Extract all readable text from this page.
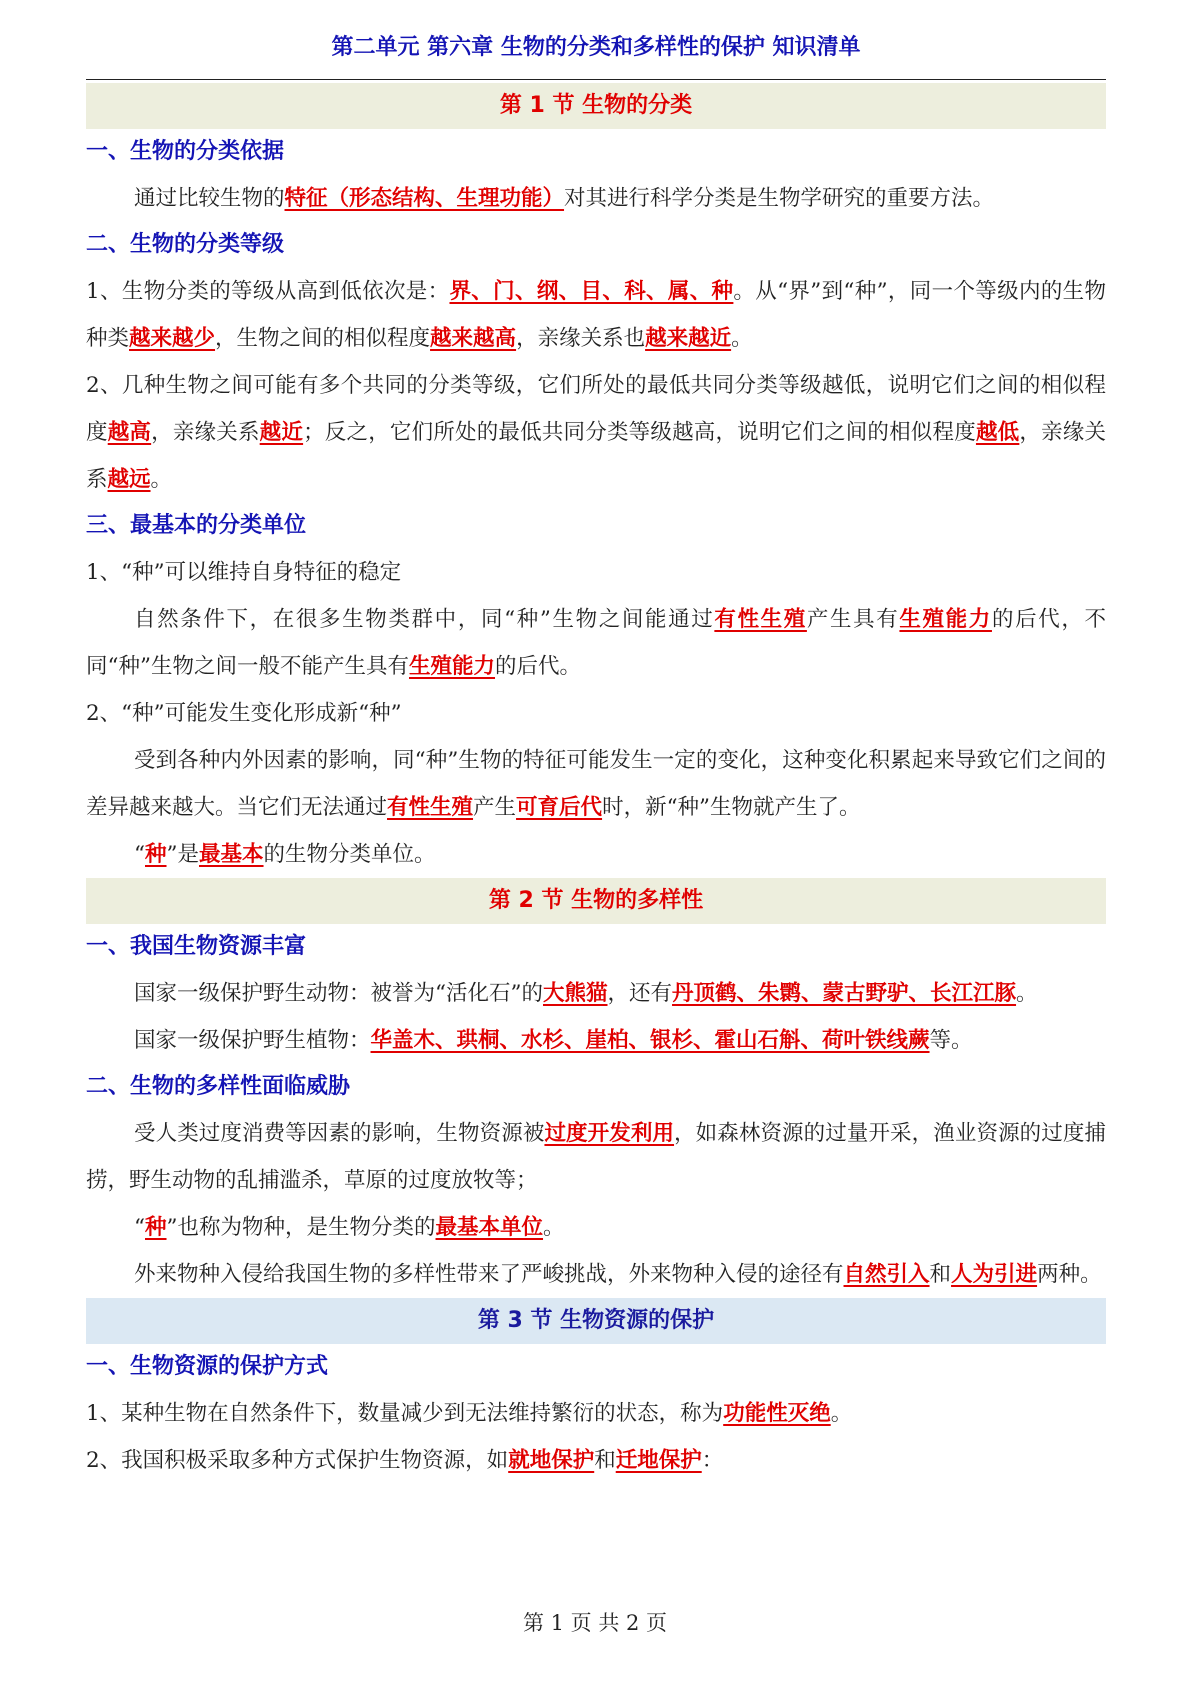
第二单元 第六章 生物的分类和多样性的保护 知识清单
第 1 节 生物的分类
一、生物的分类依据

通过比较生物的特征（形态结构、生理功能）对其进行科学分类是生物学研究的重要方法。

二、生物的分类等级

1、生物分类的等级从高到低依次是：界、门、纲、目、科、属、种。从“界”到“种”，同一个等级内的生物种类越来越少，生物之间的相似程度越来越高，亲缘关系也越来越近。

2、几种生物之间可能有多个共同的分类等级，它们所处的最低共同分类等级越低，说明它们之间的相似程度越高，亲缘关系越近；反之，它们所处的最低共同分类等级越高，说明它们之间的相似程度越低，亲缘关系越远。

三、最基本的分类单位

1、“种”可以维持自身特征的稳定

自然条件下，在很多生物类群中，同“种”生物之间能通过有性生殖产生具有生殖能力的后代，不同“种”生物之间一般不能产生具有生殖能力的后代。

2、“种”可能发生变化形成新“种”

受到各种内外因素的影响，同“种”生物的特征可能发生一定的变化，这种变化积累起来导致它们之间的差异越来越大。当它们无法通过有性生殖产生可育后代时，新“种”生物就产生了。

“种”是最基本的生物分类单位。

第 2 节 生物的多样性
一、我国生物资源丰富

国家一级保护野生动物：被誉为“活化石”的大熊猫，还有丹顶鹤、朱鹮、蒙古野驴、长江江豚。

国家一级保护野生植物：华盖木、珙桐、水杉、崖柏、银杉、霍山石斛、荷叶铁线蕨等。

二、生物的多样性面临威胁

受人类过度消费等因素的影响，生物资源被过度开发利用，如森林资源的过量开采，渔业资源的过度捕捞，野生动物的乱捕滥杀，草原的过度放牧等；

“种”也称为物种，是生物分类的最基本单位。

外来物种入侵给我国生物的多样性带来了严峻挑战，外来物种入侵的途径有自然引入和人为引进两种。

第 3 节 生物资源的保护
一、生物资源的保护方式

1、某种生物在自然条件下，数量减少到无法维持繁衍的状态，称为功能性灭绝。

2、我国积极采取多种方式保护生物资源，如就地保护和迁地保护：

第 1 页 共 2 页
